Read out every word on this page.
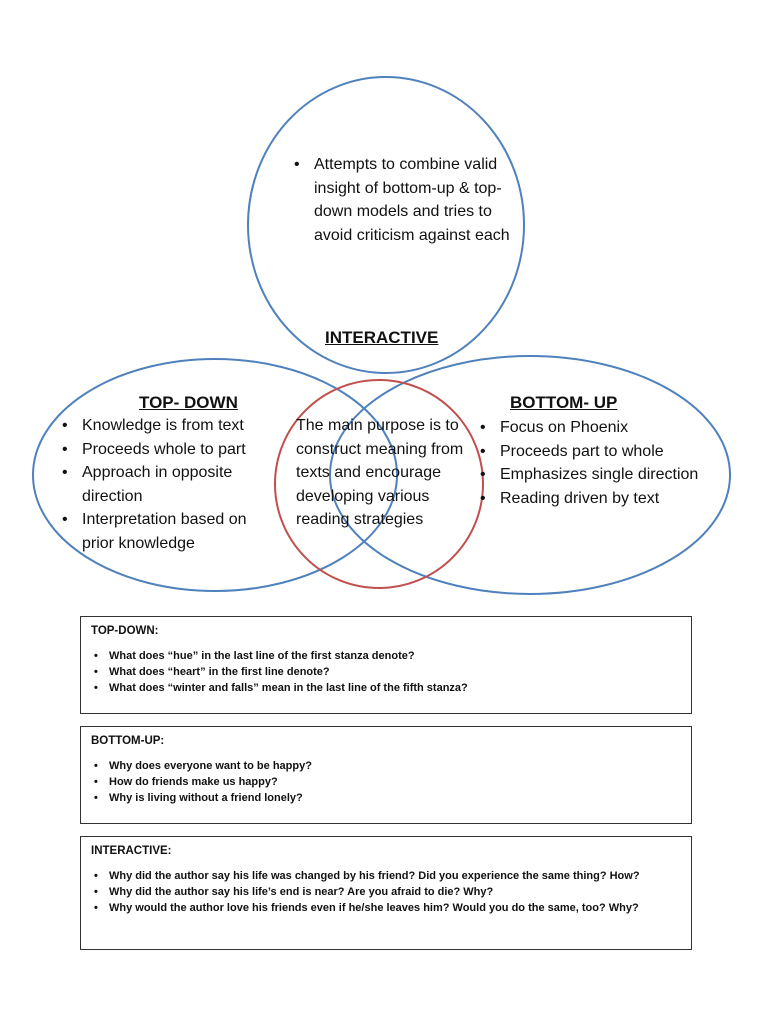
• Attempts to combine valid insight of bottom-up & top-down models and tries to avoid criticism against each
INTERACTIVE
TOP- DOWN
• Knowledge is from text
• Proceeds whole to part
• Approach in opposite direction
• Interpretation based on prior knowledge
The main purpose is to construct meaning from texts and encourage developing various reading strategies
BOTTOM- UP
• Focus on Phoenix
• Proceeds part to whole
• Emphasizes single direction
• Reading driven by text
TOP-DOWN:
• What does “hue” in the last line of the first stanza denote?
• What does “heart” in the first line denote?
• What does “winter and falls” mean in the last line of the fifth stanza?
BOTTOM-UP:
• Why does everyone want to be happy?
• How do friends make us happy?
• Why is living without a friend lonely?
INTERACTIVE:
• Why did the author say his life was changed by his friend? Did you experience the same thing? How?
• Why did the author say his life’s end is near? Are you afraid to die? Why?
• Why would the author love his friends even if he/she leaves him? Would you do the same, too? Why?
